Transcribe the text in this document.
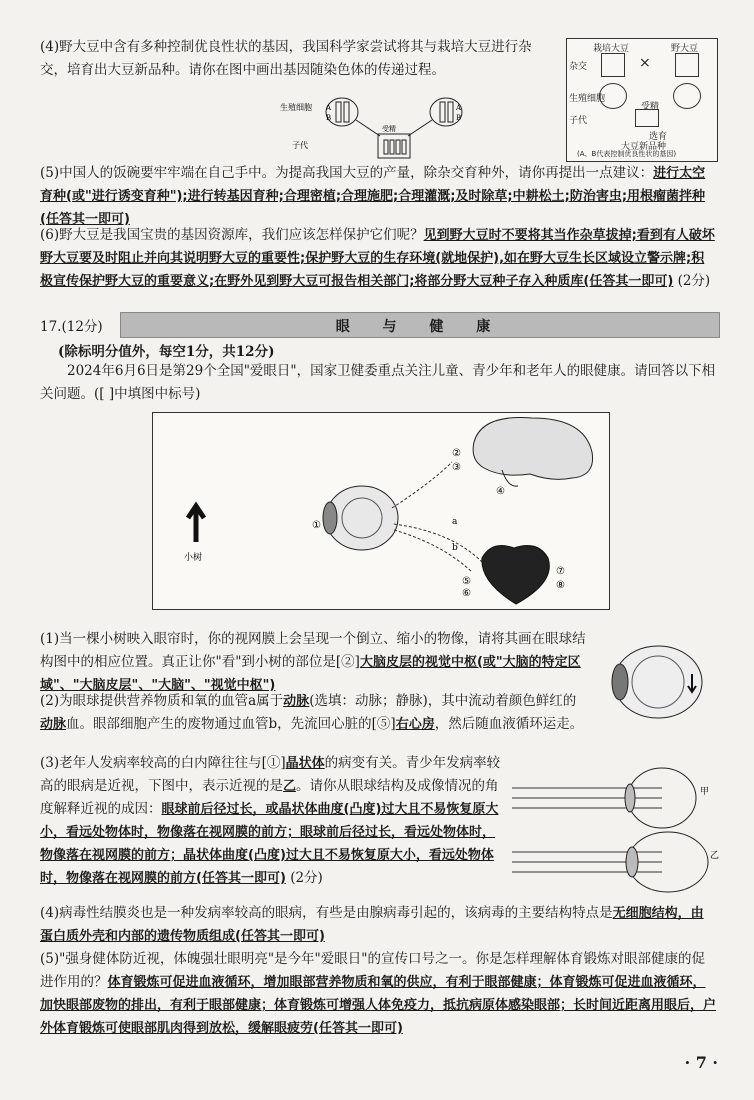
(4)野大豆中含有多种控制优良性状的基因，我国科学家尝试将其与栽培大豆进行杂交，培育出大豆新品种。请你在图中画出基因随染色体的传递过程。
生殖细胞
子代
A
B
A
B
受精
栽培大豆	野大豆
杂交	×
生殖细胞
受精
子代
选育
大豆新品种
(A、B代表控制优良性状的基因)
(5)中国人的饭碗要牢牢端在自己手中。为提高我国大豆的产量，除杂交育种外，请你再提出一点建议：进行太空育种(或"进行诱变育种");进行转基因育种;合理密植;合理施肥;合理灌溉;及时除草;中耕松土;防治害虫;用根瘤菌拌种(任答其一即可)
(6)野大豆是我国宝贵的基因资源库，我们应该怎样保护它们呢？见到野大豆时不要将其当作杂草拔掉;看到有人破坏野大豆要及时阻止并向其说明野大豆的重要性;保护野大豆的生存环境(就地保护),如在野大豆生长区域设立警示牌;积极宣传保护野大豆的重要意义;在野外见到野大豆可报告相关部门;将部分野大豆种子存入种质库(任答其一即可) (2分)
17.(12分)	眼 与 健 康
(除标明分值外，每空1分，共12分)
2024年6月6日是第29个全国"爱眼日"，国家卫健委重点关注儿童、青少年和老年人的眼健康。请回答以下相关问题。([ ]中填图中标号)
小树
①
②
③
④
a
b
⑤
⑥
⑦
⑧
(1)当一棵小树映入眼帘时，你的视网膜上会呈现一个倒立、缩小的物像，请将其画在眼球结构图中的相应位置。真正让你"看"到小树的部位是[②]大脑皮层的视觉中枢(或"大脑的特定区域"、"大脑皮层"、"大脑"、"视觉中枢")
(2)为眼球提供营养物质和氧的血管a属于动脉(选填：动脉；静脉)，其中流动着颜色鲜红的动脉血。眼部细胞产生的废物通过血管b，先流回心脏的[⑤]右心房，然后随血液循环运走。
(3)老年人发病率较高的白内障往往与[①]晶状体的病变有关。青少年发病率较高的眼病是近视，下图中，表示近视的是乙。请你从眼球结构及成像情况的角度解释近视的成因：眼球前后径过长，或晶状体曲度(凸度)过大且不易恢复原大小，看远处物体时，物像落在视网膜的前方；眼球前后径过长，看远处物体时，物像落在视网膜的前方；晶状体曲度(凸度)过大且不易恢复原大小，看远处物体时，物像落在视网膜的前方(任答其一即可) (2分)
甲
乙
(4)病毒性结膜炎也是一种发病率较高的眼病，有些是由腺病毒引起的，该病毒的主要结构特点是无细胞结构，由蛋白质外壳和内部的遗传物质组成(任答其一即可)
(5)"强身健体防近视，体魄强壮眼明亮"是今年"爱眼日"的宣传口号之一。你是怎样理解体育锻炼对眼部健康的促进作用的？体育锻炼可促进血液循环，增加眼部营养物质和氧的供应，有利于眼部健康；体育锻炼可促进血液循环，加快眼部废物的排出，有利于眼部健康；体育锻炼可增强人体免疫力，抵抗病原体感染眼部；长时间近距离用眼后，户外体育锻炼可使眼部肌肉得到放松，缓解眼疲劳(任答其一即可)
· 7 ·
